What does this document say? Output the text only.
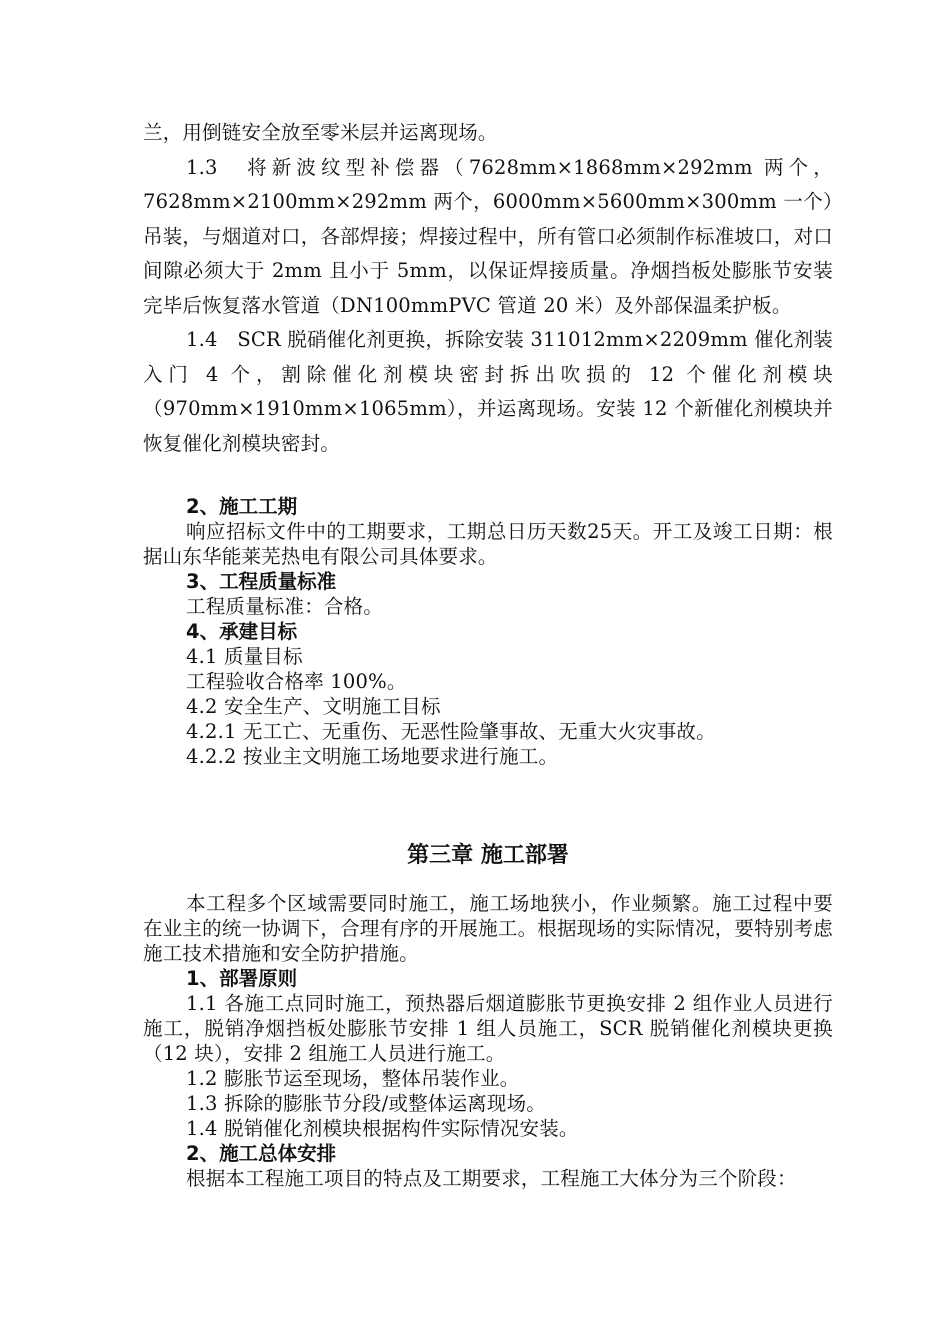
兰，用倒链安全放至零米层并运离现场。

1.3　将新波纹型补偿器（7628mm×1868mm×292mm 两个，7628mm×2100mm×292mm 两个，6000mm×5600mm×300mm 一个）吊装，与烟道对口，各部焊接；焊接过程中，所有管口必须制作标准坡口，对口间隙必须大于 2mm 且小于 5mm，以保证焊接质量。净烟挡板处膨胀节安装完毕后恢复落水管道（DN100mmPVC 管道 20 米）及外部保温柔护板。

1.4　SCR 脱硝催化剂更换，拆除安装 311012mm×2209mm 催化剂装入门 4 个，割除催化剂模块密封拆出吹损的 12 个催化剂模块（970mm×1910mm×1065mm），并运离现场。安装 12 个新催化剂模块并恢复催化剂模块密封。

2、施工工期

响应招标文件中的工期要求，工期总日历天数25天。开工及竣工日期：根据山东华能莱芜热电有限公司具体要求。

3、工程质量标准

工程质量标准：合格。

4、承建目标

4.1 质量目标

工程验收合格率 100%。

4.2 安全生产、文明施工目标

4.2.1 无工亡、无重伤、无恶性险肇事故、无重大火灾事故。

4.2.2 按业主文明施工场地要求进行施工。

第三章 施工部署

本工程多个区域需要同时施工，施工场地狭小，作业频繁。施工过程中要在业主的统一协调下，合理有序的开展施工。根据现场的实际情况，要特别考虑施工技术措施和安全防护措施。

1、部署原则

1.1 各施工点同时施工，预热器后烟道膨胀节更换安排 2 组作业人员进行施工，脱销净烟挡板处膨胀节安排 1 组人员施工，SCR 脱销催化剂模块更换（12 块），安排 2 组施工人员进行施工。

1.2 膨胀节运至现场，整体吊装作业。

1.3 拆除的膨胀节分段/或整体运离现场。

1.4 脱销催化剂模块根据构件实际情况安装。

2、施工总体安排

根据本工程施工项目的特点及工期要求，工程施工大体分为三个阶段：
